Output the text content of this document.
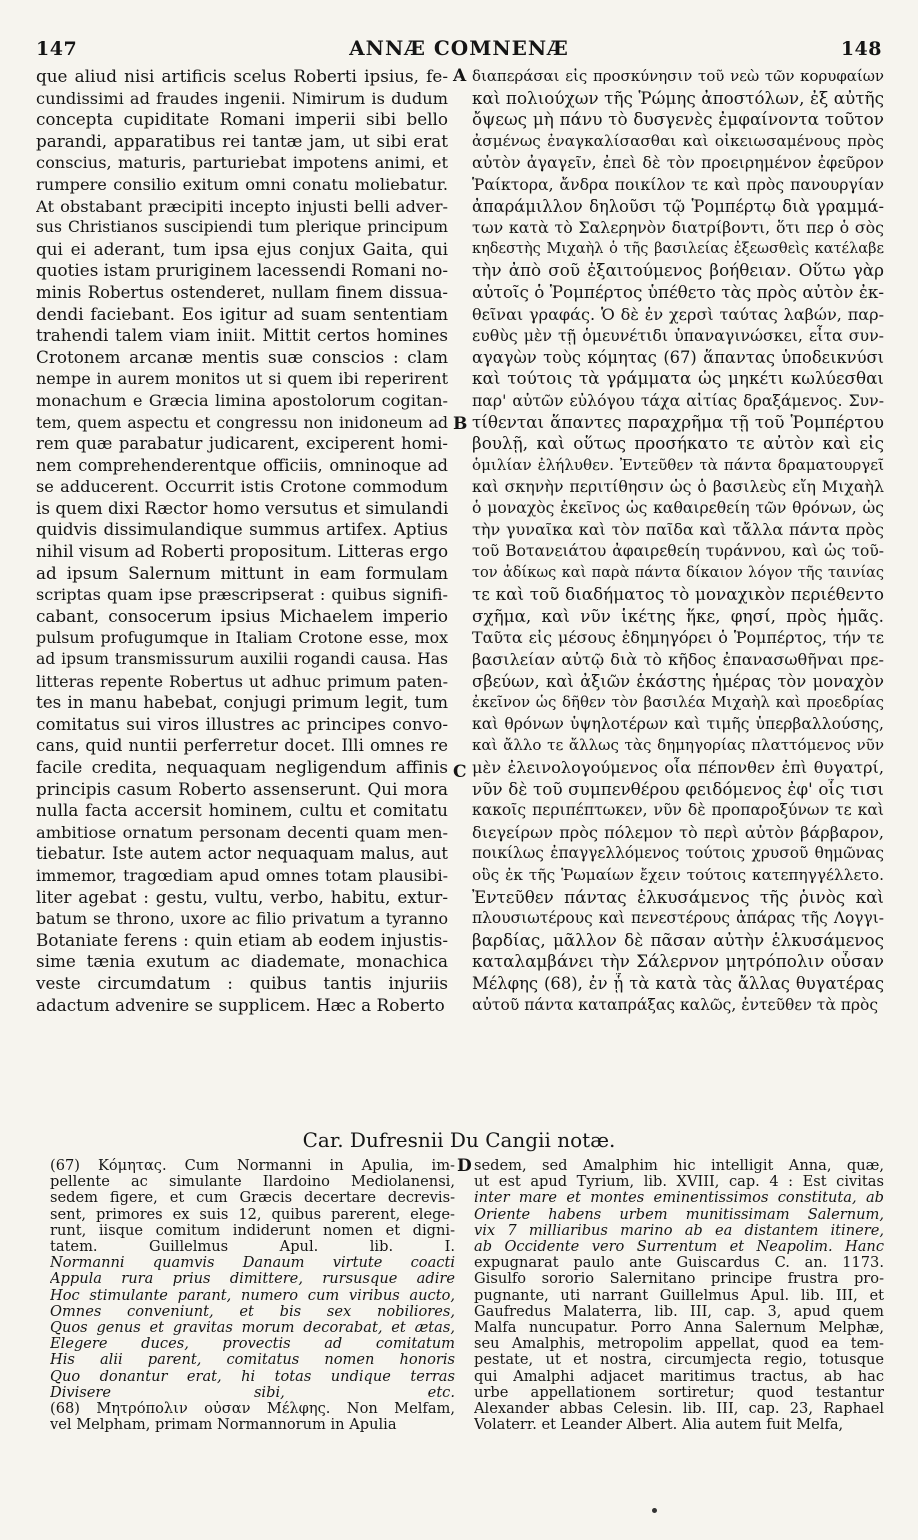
147	ANNÆ COMNENÆ	148
A
B
C
D
que aliud nisi artificis scelus Roberti ipsius, fe-
cundissimi ad fraudes ingenii. Nimirum is dudum
concepta cupiditate Romani imperii sibi bello
parandi, apparatibus rei tantæ jam, ut sibi erat
conscius, maturis, parturiebat impotens animi, et
rumpere consilio exitum omni conatu moliebatur.
At obstabant præcipiti incepto injusti belli adver-
sus Christianos suscipiendi tum plerique principum
qui ei aderant, tum ipsa ejus conjux Gaita, qui
quoties istam pruriginem lacessendi Romani no-
minis Robertus ostenderet, nullam finem dissua-
dendi faciebant. Eos igitur ad suam sententiam
trahendi talem viam iniit. Mittit certos homines
Crotonem arcanæ mentis suæ conscios : clam
nempe in aurem monitos ut si quem ibi reperirent
monachum e Græcia limina apostolorum cogitan-
tem, quem aspectu et congressu non inidoneum ad
rem quæ parabatur judicarent, exciperent homi-
nem comprehenderentque officiis, omninoque ad
se adducerent. Occurrit istis Crotone commodum
is quem dixi Ræctor homo versutus et simulandi
quidvis dissimulandique summus artifex. Aptius
nihil visum ad Roberti propositum. Litteras ergo
ad ipsum Salernum mittunt in eam formulam
scriptas quam ipse præscripserat : quibus signifi-
cabant, consocerum ipsius Michaelem imperio
pulsum profugumque in Italiam Crotone esse, mox
ad ipsum transmissurum auxilii rogandi causa. Has
litteras repente Robertus ut adhuc primum paten-
tes in manu habebat, conjugi primum legit, tum
comitatus sui viros illustres ac principes convo-
cans, quid nuntii perferretur docet. Illi omnes re
facile credita, nequaquam negligendum affinis
principis casum Roberto assenserunt. Qui mora
nulla facta accersit hominem, cultu et comitatu
ambitiose ornatum personam decenti quam men-
tiebatur. Iste autem actor nequaquam malus, aut
immemor, tragœdiam apud omnes totam plausibi-
liter agebat : gestu, vultu, verbo, habitu, extur-
batum se throno, uxore ac filio privatum a tyranno
Botaniate ferens : quin etiam ab eodem injustis-
sime tænia exutum ac diademate, monachica
veste circumdatum : quibus tantis injuriis
adactum advenire se supplicem. Hæc a Roberto
διαπεράσαι εἰς προσκύνησιν τοῦ νεὼ τῶν κορυφαίων
καὶ πολιούχων τῆς Ῥώμης ἀποστόλων, ἐξ αὐτῆς
ὄψεως μὴ πάνυ τὸ δυσγενὲς ἐμφαίνοντα τοῦτον
ἀσμένως ἐναγκαλίσασθαι καὶ οἰκειωσαμένους πρὸς
αὐτὸν ἀγαγεῖν, ἐπεὶ δὲ τὸν προειρημένον ἐφεῦρον
Ῥαίκτορα, ἄνδρα ποικίλον τε καὶ πρὸς πανουργίαν
ἀπαράμιλλον δηλοῦσι τῷ Ῥομπέρτῳ διὰ γραμμά-
των κατὰ τὸ Σαλερηνὸν διατρίβοντι, ὅτι περ ὁ σὸς
κηδεστὴς Μιχαὴλ ὁ τῆς βασιλείας ἐξεωσθεὶς κατέλαβε
τὴν ἀπὸ σοῦ ἐξαιτούμενος βοήθειαν. Οὕτω γὰρ
αὐτοῖς ὁ Ῥομπέρτος ὑπέθετο τὰς πρὸς αὐτὸν ἐκ-
θεῖναι γραφάς. Ὁ δὲ ἐν χερσὶ ταύτας λαβών, παρ-
ευθὺς μὲν τῇ ὁμευνέτιδι ὑπαναγινώσκει, εἶτα συν-
αγαγὼν τοὺς κόμητας (67) ἅπαντας ὑποδεικνύσι
καὶ τούτοις τὰ γράμματα ὡς μηκέτι κωλύεσθαι
παρ' αὐτῶν εὐλόγου τάχα αἰτίας δραξάμενος. Συν-
τίθενται ἅπαντες παραχρῆμα τῇ τοῦ Ῥομπέρτου
βουλῇ, καὶ οὕτως προσήκατο τε αὐτὸν καὶ εἰς
ὁμιλίαν ἐλήλυθεν. Ἐντεῦθεν τὰ πάντα δραματουργεῖ
καὶ σκηνὴν περιτίθησιν ὡς ὁ βασιλεὺς εἴη Μιχαὴλ
ὁ μοναχὸς ἐκεῖνος ὡς καθαιρεθείη τῶν θρόνων, ὡς
τὴν γυναῖκα καὶ τὸν παῖδα καὶ τἄλλα πάντα πρὸς
τοῦ Βοτανειάτου ἀφαιρεθείη τυράννου, καὶ ὡς τοῦ-
τον ἀδίκως καὶ παρὰ πάντα δίκαιον λόγον τῆς ταινίας
τε καὶ τοῦ διαδήματος τὸ μοναχικὸν περιέθεντο
σχῆμα, καὶ νῦν ἱκέτης ἥκε, φησί, πρὸς ἡμᾶς.
Ταῦτα εἰς μέσους ἐδημηγόρει ὁ Ῥομπέρτος, τήν τε
βασιλείαν αὐτῷ διὰ τὸ κῆδος ἐπανασωθῆναι πρε-
σβεύων, καὶ ἀξιῶν ἑκάστης ἡμέρας τὸν μοναχὸν
ἐκεῖνον ὡς δῆθεν τὸν βασιλέα Μιχαὴλ καὶ προεδρίας
καὶ θρόνων ὑψηλοτέρων καὶ τιμῆς ὑπερβαλλούσης,
καὶ ἄλλο τε ἄλλως τὰς δημηγορίας πλαττόμενος νῦν
μὲν ἐλεινολογούμενος οἷα πέπονθεν ἐπὶ θυγατρί,
νῦν δὲ τοῦ συμπενθέρου φειδόμενος ἐφ' οἷς τισι
κακοῖς περιπέπτωκεν, νῦν δὲ προπαροξύνων τε καὶ
διεγείρων πρὸς πόλεμον τὸ περὶ αὐτὸν βάρβαρον,
ποικίλως ἐπαγγελλόμενος τούτοις χρυσοῦ θημῶνας
οὓς ἐκ τῆς Ῥωμαίων ἔχειν τούτοις κατεπηγγέλλετο.
Ἐντεῦθεν πάντας ἑλκυσάμενος τῆς ῥινὸς καὶ
πλουσιωτέρους καὶ πενεστέρους ἀπάρας τῆς Λογγι-
βαρδίας, μᾶλλον δὲ πᾶσαν αὐτὴν ἑλκυσάμενος
καταλαμβάνει τὴν Σάλερνον μητρόπολιν οὖσαν
Μέλφης (68), ἐν ᾗ τὰ κατὰ τὰς ἄλλας θυγατέρας
αὐτοῦ πάντα καταπράξας καλῶς, ἐντεῦθεν τὰ πρὸς
Car. Dufresnii Du Cangii notæ.
(67) Κόμητας. Cum Normanni in Apulia, im-
pellente ac simulante Ilardoino Mediolanensi,
sedem figere, et cum Græcis decertare decrevis-
sent, primores ex suis 12, quibus parerent, elege-
runt, iisque comitum indiderunt nomen et digni-
tatem. Guillelmus Apul. lib. I.
Normanni quamvis Danaum virtute coacti
Appula rura prius dimittere, rursusque adire
Hoc stimulante parant, numero cum viribus aucto,
Omnes conveniunt, et bis sex nobiliores,
Quos genus et gravitas morum decorabat, et ætas,
Elegere duces, provectis ad comitatum
His alii parent, comitatus nomen honoris
Quo donantur erat, hi totas undique terras
Divisere sibi, etc.
(68) Μητρόπολιν οὖσαν Μέλφης. Non Melfam,
vel Melpham, primam Normannorum in Apulia
sedem, sed Amalphim hic intelligit Anna, quæ,
ut est apud Tyrium, lib. XVIII, cap. 4 : Est civitas
inter mare et montes eminentissimos constituta, ab
Oriente habens urbem munitissimam Salernum,
vix 7 milliaribus marino ab ea distantem itinere,
ab Occidente vero Surrentum et Neapolim. Hanc
expugnarat paulo ante Guiscardus C. an. 1173.
Gisulfo sororio Salernitano principe frustra pro-
pugnante, uti narrant Guillelmus Apul. lib. III, et
Gaufredus Malaterra, lib. III, cap. 3, apud quem
Malfa nuncupatur. Porro Anna Salernum Melphæ,
seu Amalphis, metropolim appellat, quod ea tem-
pestate, ut et nostra, circumjecta regio, totusque
qui Amalphi adjacet maritimus tractus, ab hac
urbe appellationem sortiretur; quod testantur
Alexander abbas Celesin. lib. III, cap. 23, Raphael
Volaterr. et Leander Albert. Alia autem fuit Melfa,
